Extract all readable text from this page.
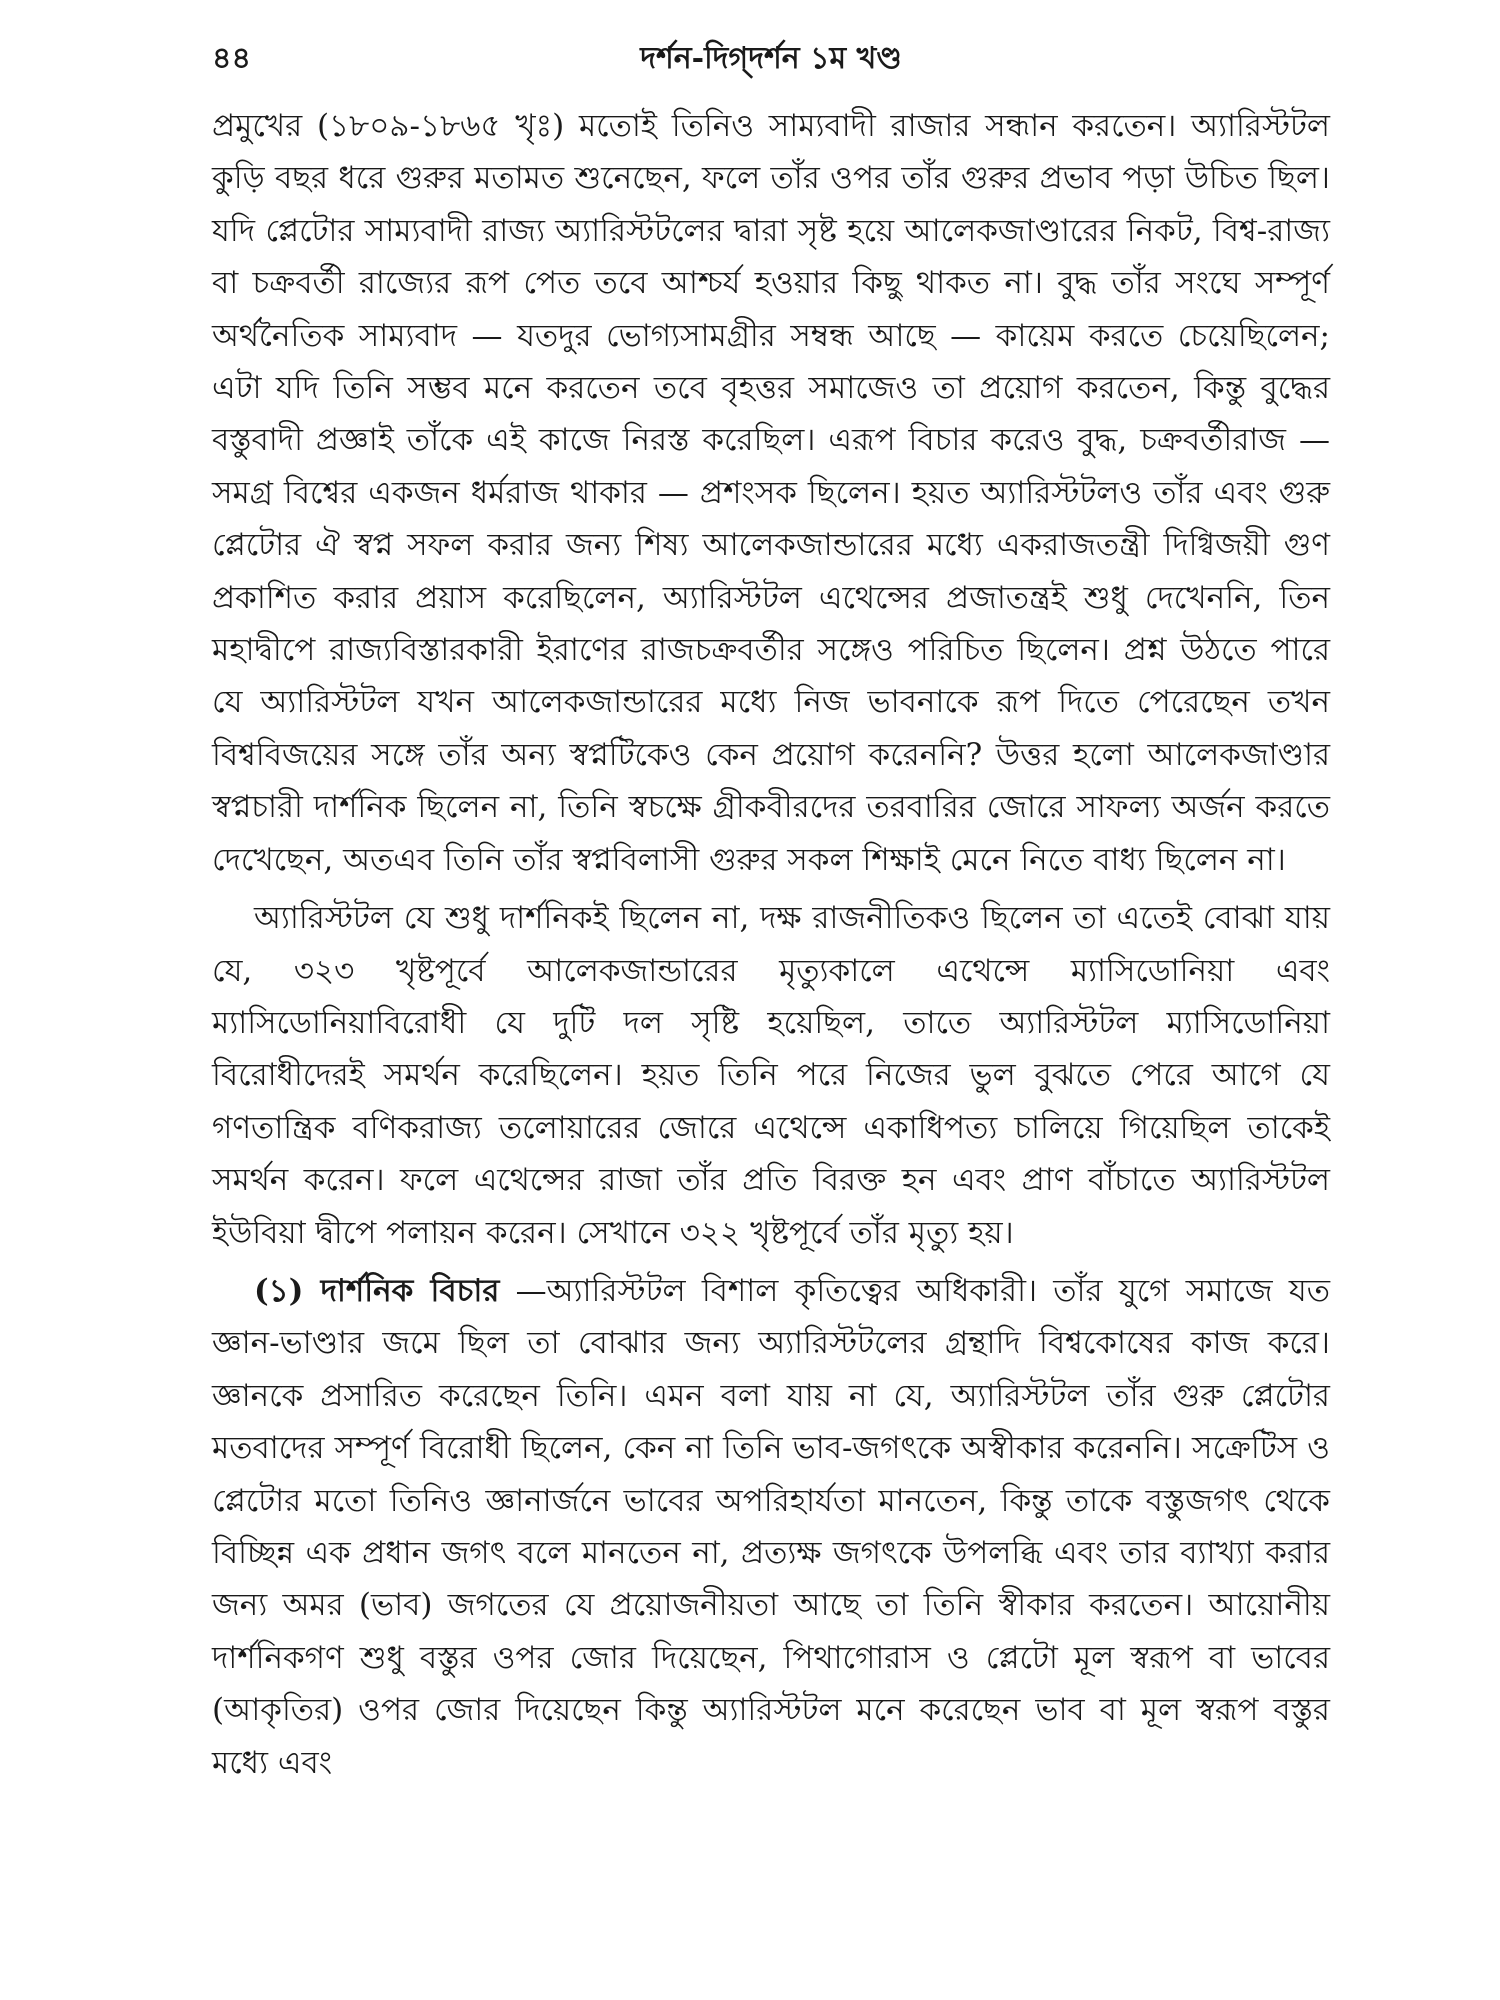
৪৪	দর্শন-দিগ্‌দর্শন ১ম খণ্ড

প্রমুখের (১৮০৯-১৮৬৫ খৃঃ) মতোই তিনিও সাম্যবাদী রাজার সন্ধান করতেন। অ্যারিস্টটল কুড়ি বছর ধরে গুরুর মতামত শুনেছেন, ফলে তাঁর ওপর তাঁর গুরুর প্রভাব পড়া উচিত ছিল। যদি প্লেটোর সাম্যবাদী রাজ্য অ্যারিস্টটলের দ্বারা সৃষ্ট হয়ে আলেকজাণ্ডারের নিকট, বিশ্ব-রাজ্য বা চক্রবর্তী রাজ্যের রূপ পেত তবে আশ্চর্য হওয়ার কিছু থাকত না। বুদ্ধ তাঁর সংঘে সম্পূর্ণ অর্থনৈতিক সাম্যবাদ — যতদুর ভোগ্যসামগ্রীর সম্বন্ধ আছে — কায়েম করতে চেয়েছিলেন; এটা যদি তিনি সম্ভব মনে করতেন তবে বৃহত্তর সমাজেও তা প্রয়োগ করতেন, কিন্তু বুদ্ধের বস্তুবাদী প্রজ্ঞাই তাঁকে এই কাজে নিরস্ত করেছিল। এরূপ বিচার করেও বুদ্ধ, চক্রবর্তীরাজ — সমগ্র বিশ্বের একজন ধর্মরাজ থাকার — প্রশংসক ছিলেন। হয়ত অ্যারিস্টটলও তাঁর এবং গুরু প্লেটোর ঐ স্বপ্ন সফল করার জন্য শিষ্য আলেকজান্ডারের মধ্যে একরাজতন্ত্রী দিগ্বিজয়ী গুণ প্রকাশিত করার প্রয়াস করেছিলেন, অ্যারিস্টটল এথেন্সের প্রজাতন্ত্রই শুধু দেখেননি, তিন মহাদ্বীপে রাজ্যবিস্তারকারী ইরাণের রাজচক্রবর্তীর সঙ্গেও পরিচিত ছিলেন। প্রশ্ন উঠতে পারে যে অ্যারিস্টটল যখন আলেকজান্ডারের মধ্যে নিজ ভাবনাকে রূপ দিতে পেরেছেন তখন বিশ্ববিজয়ের সঙ্গে তাঁর অন্য স্বপ্নটিকেও কেন প্রয়োগ করেননি? উত্তর হলো আলেকজাণ্ডার স্বপ্নচারী দার্শনিক ছিলেন না, তিনি স্বচক্ষে গ্রীকবীরদের তরবারির জোরে সাফল্য অর্জন করতে দেখেছেন, অতএব তিনি তাঁর স্বপ্নবিলাসী গুরুর সকল শিক্ষাই মেনে নিতে বাধ্য ছিলেন না।

অ্যারিস্টটল যে শুধু দার্শনিকই ছিলেন না, দক্ষ রাজনীতিকও ছিলেন তা এতেই বোঝা যায় যে, ৩২৩ খৃষ্টপূর্বে আলেকজান্ডারের মৃত্যুকালে এথেন্সে ম্যাসিডোনিয়া এবং ম্যাসিডোনিয়াবিরোধী যে দুটি দল সৃষ্টি হয়েছিল, তাতে অ্যারিস্টটল ম্যাসিডোনিয়া বিরোধীদেরই সমর্থন করেছিলেন। হয়ত তিনি পরে নিজের ভুল বুঝতে পেরে আগে যে গণতান্ত্রিক বণিকরাজ্য তলোয়ারের জোরে এথেন্সে একাধিপত্য চালিয়ে গিয়েছিল তাকেই সমর্থন করেন। ফলে এথেন্সের রাজা তাঁর প্রতি বিরক্ত হন এবং প্রাণ বাঁচাতে অ্যারিস্টটল ইউবিয়া দ্বীপে পলায়ন করেন। সেখানে ৩২২ খৃষ্টপূর্বে তাঁর মৃত্যু হয়।

(১) দার্শনিক বিচার —অ্যারিস্টটল বিশাল কৃতিত্বের অধিকারী। তাঁর যুগে সমাজে যত জ্ঞান-ভাণ্ডার জমে ছিল তা বোঝার জন্য অ্যারিস্টটলের গ্রন্থাদি বিশ্বকোষের কাজ করে। জ্ঞানকে প্রসারিত করেছেন তিনি। এমন বলা যায় না যে, অ্যারিস্টটল তাঁর গুরু প্লেটোর মতবাদের সম্পূর্ণ বিরোধী ছিলেন, কেন না তিনি ভাব-জগৎকে অস্বীকার করেননি। সক্রেটিস ও প্লেটোর মতো তিনিও জ্ঞানার্জনে ভাবের অপরিহার্যতা মানতেন, কিন্তু তাকে বস্তুজগৎ থেকে বিচ্ছিন্ন এক প্রধান জগৎ বলে মানতেন না, প্রত্যক্ষ জগৎকে উপলব্ধি এবং তার ব্যাখ্যা করার জন্য অমর (ভাব) জগতের যে প্রয়োজনীয়তা আছে তা তিনি স্বীকার করতেন। আয়োনীয় দার্শনিকগণ শুধু বস্তুর ওপর জোর দিয়েছেন, পিথাগোরাস ও প্লেটো মূল স্বরূপ বা ভাবের (আকৃতির) ওপর জোর দিয়েছেন কিন্তু অ্যারিস্টটল মনে করেছেন ভাব বা মূল স্বরূপ বস্তুর মধ্যে এবং
